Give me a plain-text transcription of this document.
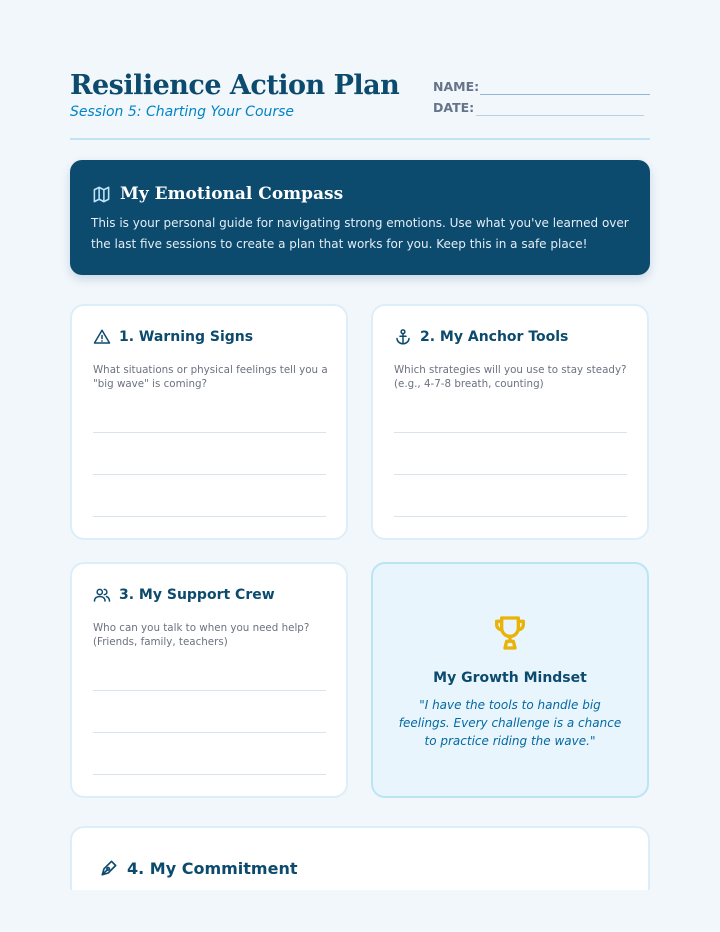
Resilience Action Plan
Session 5: Charting Your Course
NAME:
DATE:
My Emotional Compass
This is your personal guide for navigating strong emotions. Use what you've learned over the last five sessions to create a plan that works for you. Keep this in a safe place!
1. Warning Signs
What situations or physical feelings tell you a "big wave" is coming?
2. My Anchor Tools
Which strategies will you use to stay steady? (e.g., 4-7-8 breath, counting)
3. My Support Crew
Who can you talk to when you need help? (Friends, family, teachers)
My Growth Mindset
"I have the tools to handle big feelings. Every challenge is a chance to practice riding the wave."
4. My Commitment
